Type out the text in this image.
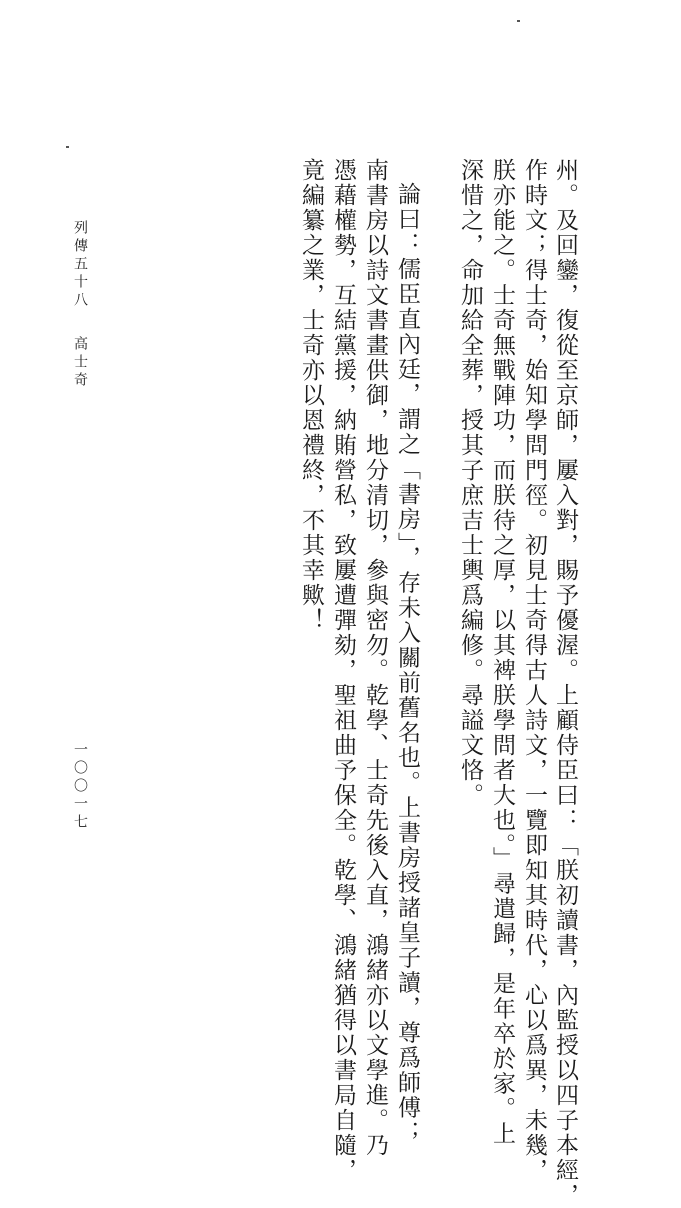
列傳五十八
高士奇
一〇〇一七	州。及回鑾，復從至京師，屢入對，賜予優渥。上顧侍臣曰：「朕初讀書，內監授以四子本經，
作時文；得士奇，始知學問門徑。初見士奇得古人詩文，一覽即知其時代，心以爲異，未幾，
朕亦能之。士奇無戰陣功，而朕待之厚，以其裨朕學問者大也。」尋遣歸，是年卒於家。上
深惜之，命加給全葬，授其子庶吉士輿爲編修。尋謚文恪。
論曰：儒臣直內廷，謂之「書房」，存未入關前舊名也。上書房授諸皇子讀，尊爲師傅；
南書房以詩文書畫供御，地分清切，參與密勿。乾學、士奇先後入直，鴻緒亦以文學進。乃
憑藉權勢，互結黨援，納賄營私，致屢遭彈劾，聖祖曲予保全。乾學、鴻緒猶得以書局自隨，
竟編纂之業，士奇亦以恩禮終，不其幸歟！
